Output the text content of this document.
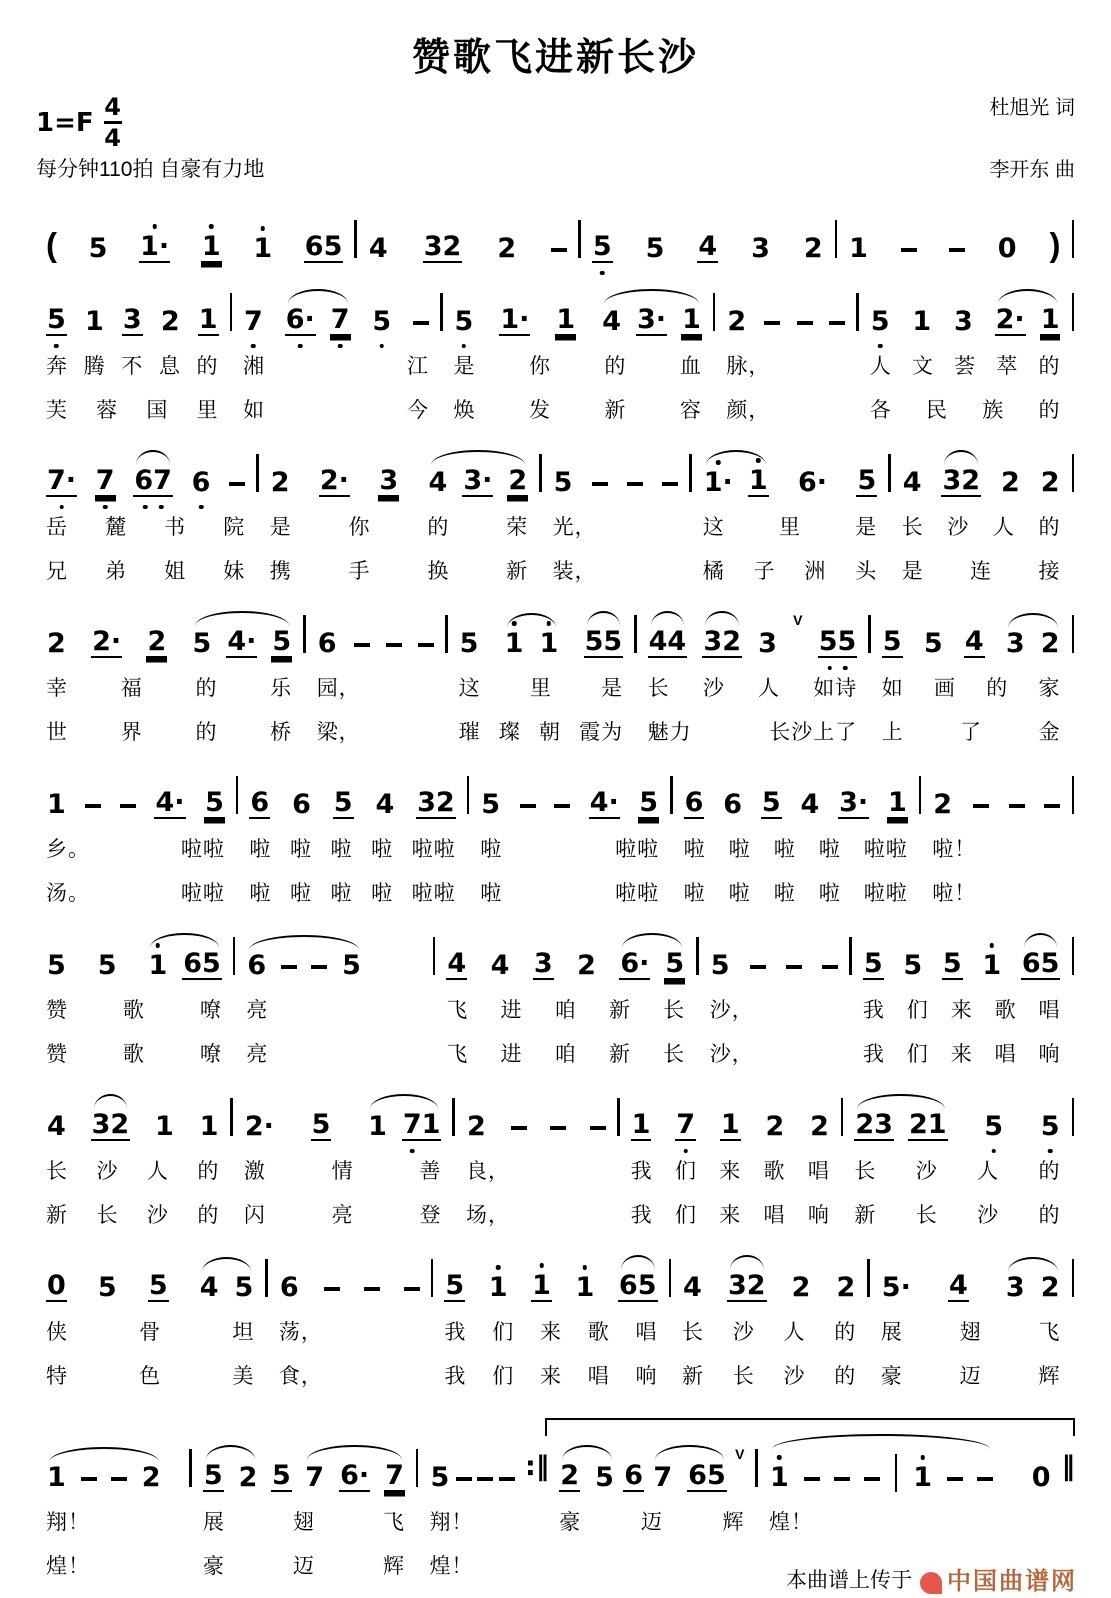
赞歌飞进新长沙
1=F
4
4
杜旭光 词
每分钟110拍 自豪有力地	李开东 曲
( 5 1· 1 1 65 4 32 2	5 5 4 3 2 1	0 )
5 1 3 2 1
奔 腾 不 息 的
芙 蓉 国 里
7 6· 7 5
湘	江
如	今
5 1· 1 4 3· 1
是	你	的	血
焕	发	新	容
2
脉，
颜，
5 1 3 2· 1
人 文 荟 萃 的
各 民 族 的
7· 7 67 6
岳 麓 书 院
兄 弟 姐 妹
2 2· 3 4 3· 2
是	你	的	荣
携	手	换	新
5
光，
装，
1· 1 6· 5
这	里	是
橘 子 洲 头
4 32 2 2
长 沙 人 的
是 连 接
2 2· 2 5 4· 5
幸	福	的	乐
世	界	的	桥
6
园，
梁，
5 1 1 55
这 里 是
璀 璨 朝 霞为
44 32 3
V
55
长 沙 人 如诗
魅力	长沙上了
5 5 4 3 2
如 画 的 家
上	了	金
1	4· 5
乡。	啦啦
汤。	啦啦
6 6 5 4 32
啦 啦 啦 啦 啦啦
啦 啦 啦 啦 啦啦
5	4· 5
啦	啦啦
啦	啦啦
6 6 5 4 3· 1
啦 啦 啦 啦 啦啦
啦 啦 啦 啦 啦啦
2
啦！
啦！
5 5 1 65
赞	歌	嘹
赞	歌	嘹
6	5
亮
亮
4 4 3 2 6· 5
飞 进 咱 新 长
飞 进 咱 新 长
5
沙，
沙，
5 5 5 1 65
我 们 来 歌 唱
我 们 来 唱 响
4 32 1 1
长 沙 人 的
新 长 沙 的
2· 5 1 71
激	情	善
闪	亮	登
2
良，
场，
1 7 1 2 2
我 们 来 歌 唱
我 们 来 唱 响
23 21 5 5
长 沙 人 的
新 长 沙 的
0 5 5 4 5
侠	骨	坦
特	色	美
6
荡，
食，
5 1 1 1 65
我 们 来 歌 唱
我 们 来 唱 响
4 32 2 2
长 沙 人 的
新 长 沙 的
5· 4 3 2
展	翅	飞
豪	迈	辉
1	2
翔！
煌！
5 2 5 7 6· 7
展	翅	飞
豪	迈	辉
5
翔！
煌！
:‖ 2 5 6 7 65
V
豪	迈	辉
1	1	0
煌！
‖
本曲谱上传于 中国曲谱网
